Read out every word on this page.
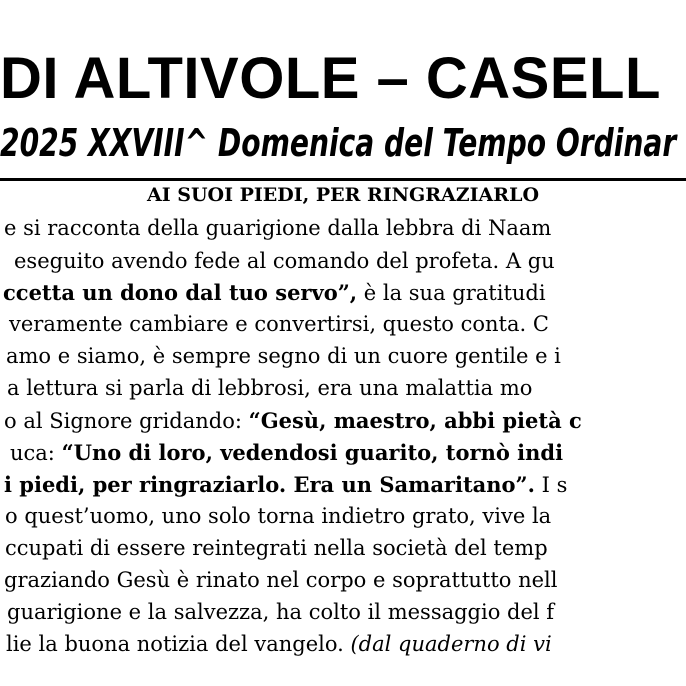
DI ALTIVOLE – CASELL
2025 XXVIII^ Domenica del Tempo Ordinar
AI SUOI PIEDI, PER RINGRAZIARLO
e si racconta della guarigione dalla lebbra di Naam
eseguito avendo fede al comando del profeta. A gu
ccetta un dono dal tuo servo”, è la sua gratitudi
veramente cambiare e convertirsi, questo conta. C
amo e siamo, è sempre segno di un cuore gentile e i
a lettura si parla di lebbrosi, era una malattia mo
o al Signore gridando: “Gesù, maestro, abbi pietà c
uca: “Uno di loro, vedendosi guarito, tornò indi
i piedi, per ringraziarlo. Era un Samaritano”. I s
o quest’uomo, uno solo torna indietro grato, vive la
ccupati di essere reintegrati nella società del temp
graziando Gesù è rinato nel corpo e soprattutto nell
guarigione e la salvezza, ha colto il messaggio del f
lie la buona notizia del vangelo. (dal quaderno di vi
